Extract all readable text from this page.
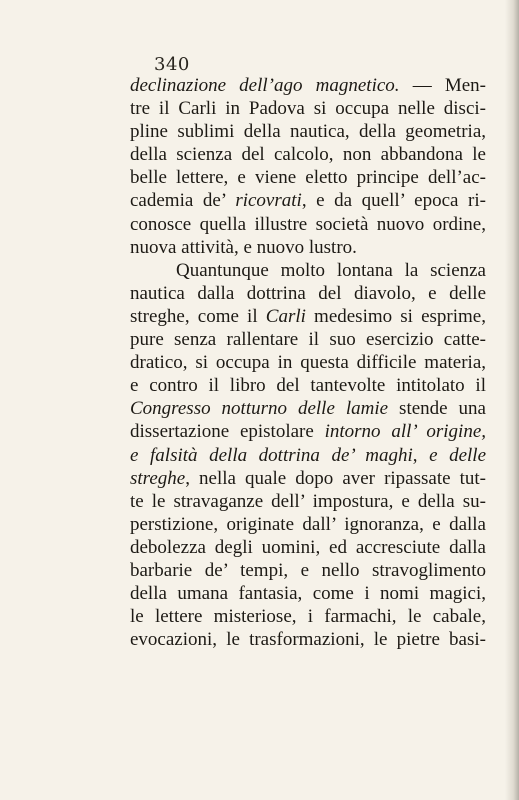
340
declinazione dell’ago magnetico. — Men-
tre il Carli in Padova si occupa nelle disci-
pline sublimi della nautica, della geometria,
della scienza del calcolo, non abbandona le
belle lettere, e viene eletto principe dell’ac-
cademia de’ ricovrati, e da quell’ epoca ri-
conosce quella illustre società nuovo ordine,
nuova attività, e nuovo lustro.
Quantunque molto lontana la scienza
nautica dalla dottrina del diavolo, e delle
streghe, come il Carli medesimo si esprime,
pure senza rallentare il suo esercizio catte-
dratico, si occupa in questa difficile materia,
e contro il libro del tantevolte intitolato il
Congresso notturno delle lamie stende una
dissertazione epistolare intorno all’ origine,
e falsità della dottrina de’ maghi, e delle
streghe, nella quale dopo aver ripassate tut-
te le stravaganze dell’ impostura, e della su-
perstizione, originate dall’ ignoranza, e dalla
debolezza degli uomini, ed accresciute dalla
barbarie de’ tempi, e nello stravoglimento
della umana fantasia, come i nomi magici,
le lettere misteriose, i farmachi, le cabale,
evocazioni, le trasformazioni, le pietre basi-
